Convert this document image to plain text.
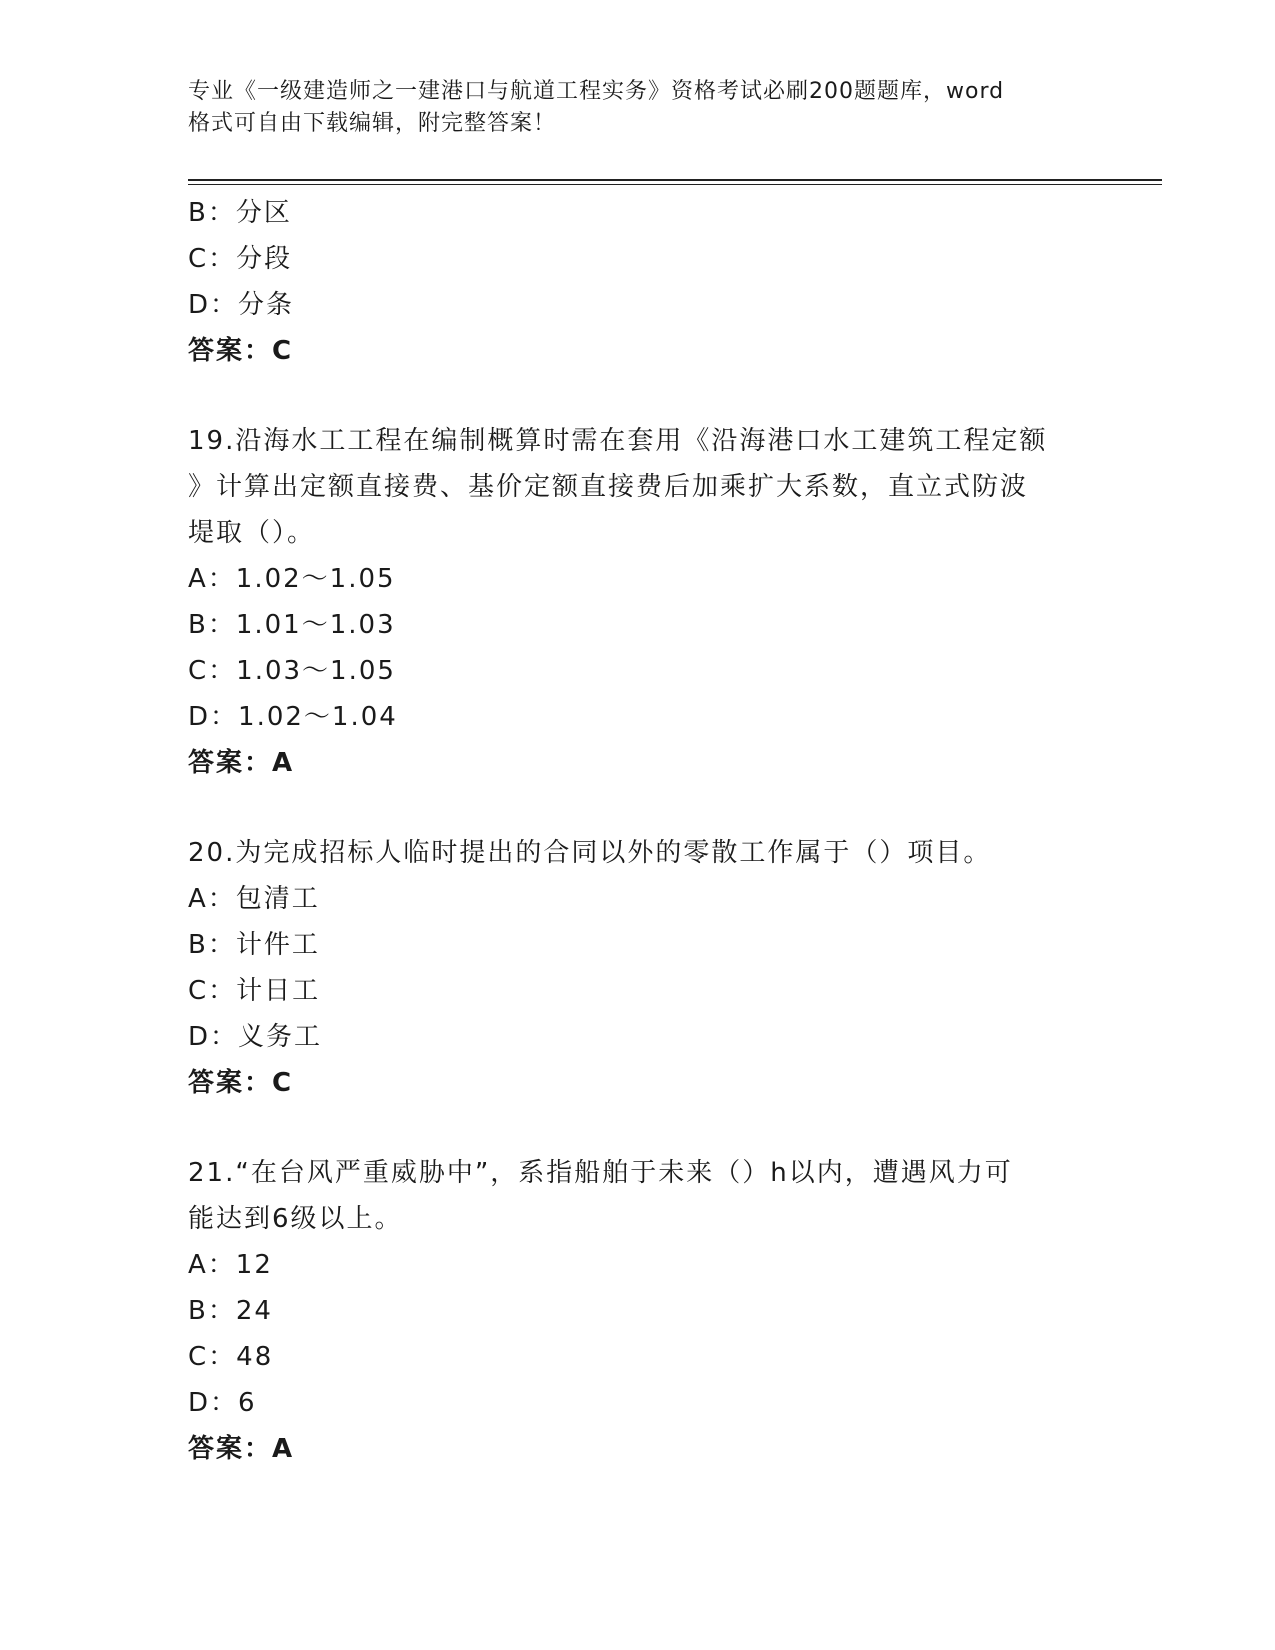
专业《一级建造师之一建港口与航道工程实务》资格考试必刷200题题库，word
格式可自由下载编辑，附完整答案！
B：分区
C：分段
D：分条
答案：C
19.沿海水工工程在编制概算时需在套用《沿海港口水工建筑工程定额
》计算出定额直接费、基价定额直接费后加乘扩大系数，直立式防波
堤取（）。
A：1.02～1.05
B：1.01～1.03
C：1.03～1.05
D：1.02～1.04
答案：A
20.为完成招标人临时提出的合同以外的零散工作属于（）项目。
A：包清工
B：计件工
C：计日工
D：义务工
答案：C
21.“在台风严重威胁中”，系指船舶于未来（）h以内，遭遇风力可
能达到6级以上。
A：12
B：24
C：48
D：6
答案：A
